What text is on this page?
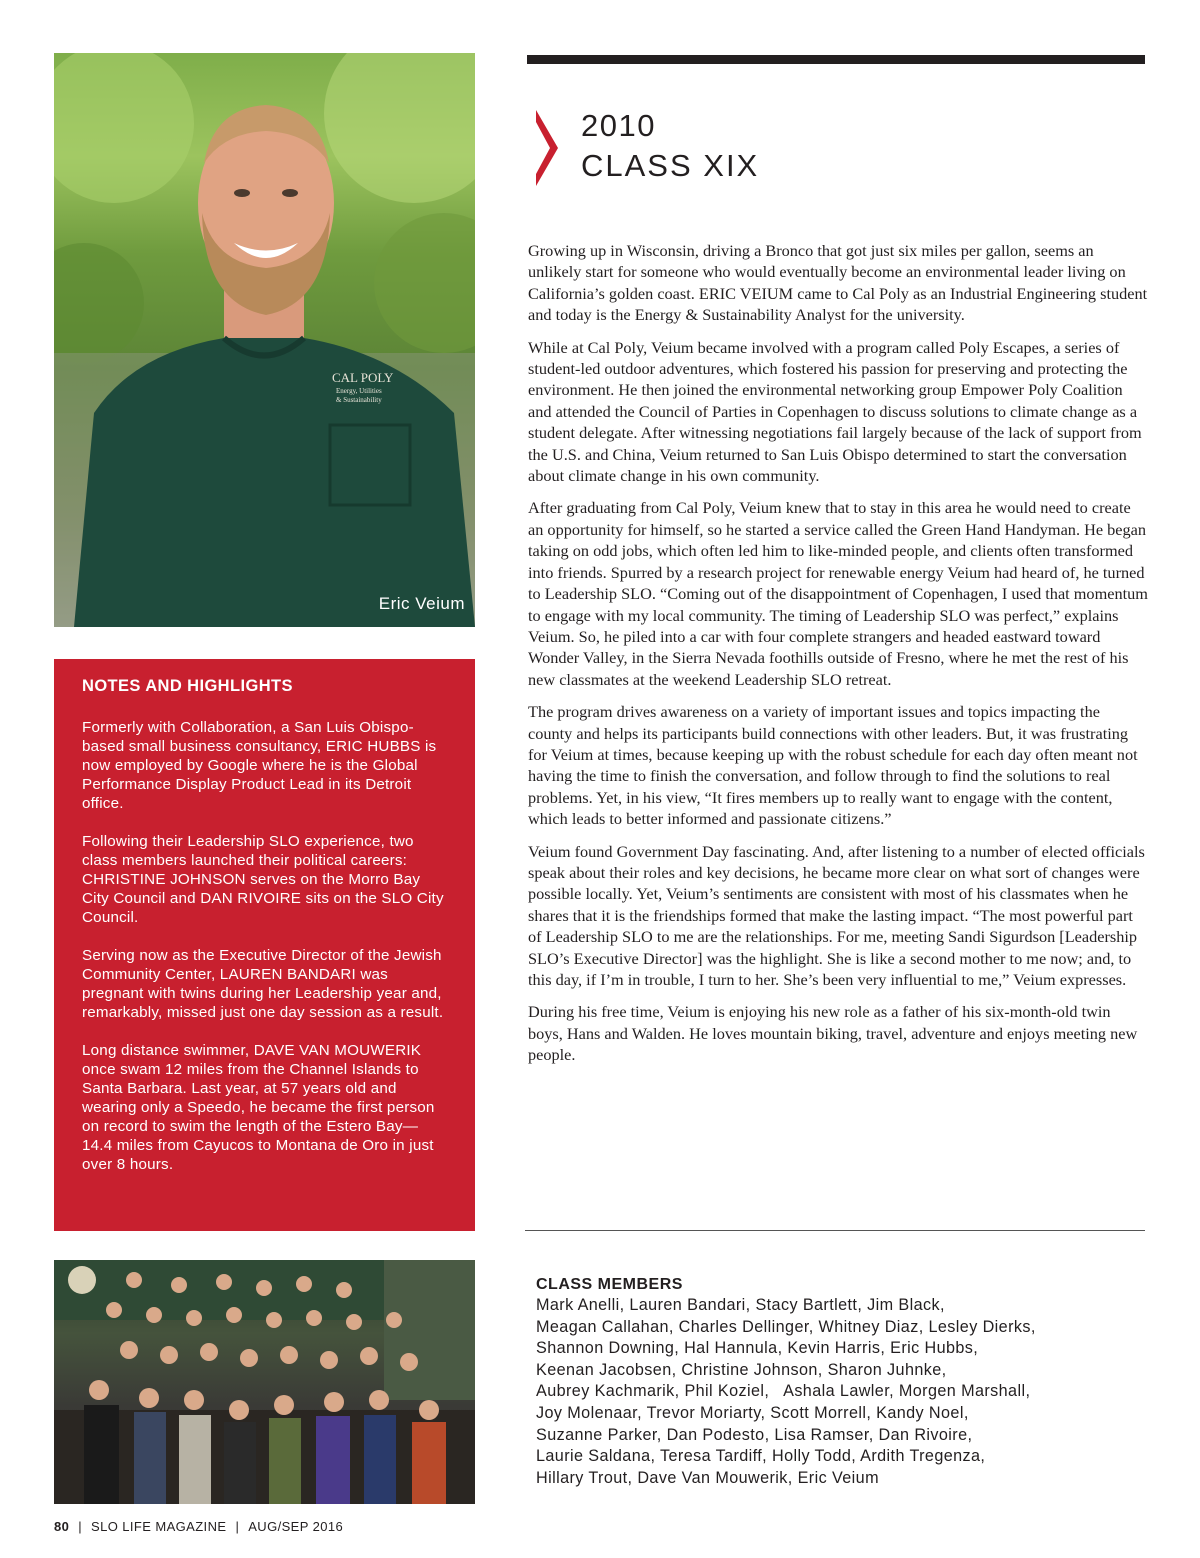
CAL POLY
Energy, Utilities
& Sustainability
Eric Veium
NOTES AND HIGHLIGHTS

Formerly with Collaboration, a San Luis Obispo-based small business consultancy, ERIC HUBBS is now employed by Google where he is the Global Performance Display Product Lead in its Detroit office.

Following their Leadership SLO experience, two class members launched their political careers: CHRISTINE JOHNSON serves on the Morro Bay City Council and DAN RIVOIRE sits on the SLO City Council.

Serving now as the Executive Director of the Jewish Community Center, LAUREN BANDARI was pregnant with twins during her Leadership year and, remarkably, missed just one day session as a result.

Long distance swimmer, DAVE VAN MOUWERIK once swam 12 miles from the Channel Islands to Santa Barbara. Last year, at 57 years old and wearing only a Speedo, he became the first person on record to swim the length of the Estero Bay—14.4 miles from Cayucos to Montana de Oro in just over 8 hours.

2010
CLASS XIX

Growing up in Wisconsin, driving a Bronco that got just six miles per gallon, seems an unlikely start for someone who would eventually become an environmental leader living on California’s golden coast. ERIC VEIUM came to Cal Poly as an Industrial Engineering student and today is the Energy & Sustainability Analyst for the university.

While at Cal Poly, Veium became involved with a program called Poly Escapes, a series of student-led outdoor adventures, which fostered his passion for preserving and protecting the environment. He then joined the environmental networking group Empower Poly Coalition and attended the Council of Parties in Copenhagen to discuss solutions to climate change as a student delegate. After witnessing negotiations fail largely because of the lack of support from the U.S. and China, Veium returned to San Luis Obispo determined to start the conversation about climate change in his own community.

After graduating from Cal Poly, Veium knew that to stay in this area he would need to create an opportunity for himself, so he started a service called the Green Hand Handyman. He began taking on odd jobs, which often led him to like-minded people, and clients often transformed into friends. Spurred by a research project for renewable energy Veium had heard of, he turned to Leadership SLO. “Coming out of the disappointment of Copenhagen, I used that momentum to engage with my local community. The timing of Leadership SLO was perfect,” explains Veium. So, he piled into a car with four complete strangers and headed eastward toward Wonder Valley, in the Sierra Nevada foothills outside of Fresno, where he met the rest of his new classmates at the weekend Leadership SLO retreat.

The program drives awareness on a variety of important issues and topics impacting the county and helps its participants build connections with other leaders. But, it was frustrating for Veium at times, because keeping up with the robust schedule for each day often meant not having the time to finish the conversation, and follow through to find the solutions to real problems. Yet, in his view, “It fires members up to really want to engage with the content, which leads to better informed and passionate citizens.”

Veium found Government Day fascinating. And, after listening to a number of elected officials speak about their roles and key decisions, he became more clear on what sort of changes were possible locally. Yet, Veium’s sentiments are consistent with most of his classmates when he shares that it is the friendships formed that make the lasting impact. “The most powerful part of Leadership SLO to me are the relationships. For me, meeting Sandi Sigurdson [Leadership SLO’s Executive Director] was the highlight. She is like a second mother to me now; and, to this day, if I’m in trouble, I turn to her. She’s been very influential to me,” Veium expresses.

During his free time, Veium is enjoying his new role as a father of his six-month-old twin boys, Hans and Walden. He loves mountain biking, travel, adventure and enjoys meeting new people.

CLASS MEMBERS
Mark Anelli, Lauren Bandari, Stacy Bartlett, Jim Black,
Meagan Callahan, Charles Dellinger, Whitney Diaz, Lesley Dierks,
Shannon Downing, Hal Hannula, Kevin Harris, Eric Hubbs,
Keenan Jacobsen, Christine Johnson, Sharon Juhnke,
Aubrey Kachmarik, Phil Koziel,   Ashala Lawler, Morgen Marshall,
Joy Molenaar, Trevor Moriarty, Scott Morrell, Kandy Noel,
Suzanne Parker, Dan Podesto, Lisa Ramser, Dan Rivoire,
Laurie Saldana, Teresa Tardiff, Holly Todd, Ardith Tregenza,
Hillary Trout, Dave Van Mouwerik, Eric Veium
80 | SLO LIFE MAGAZINE | AUG/SEP 2016
